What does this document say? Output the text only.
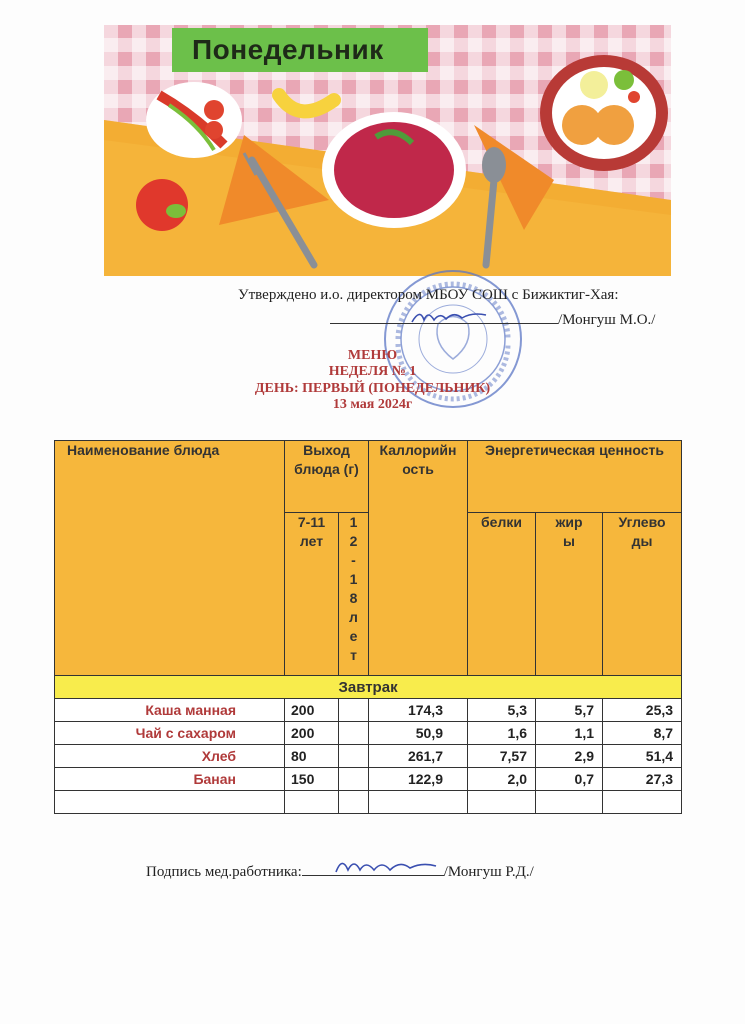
Понедельник
Утверждено и.о. директором МБОУ СОШ с Бижиктиг-Хая:
/Монгуш М.О./
МЕНЮ
НЕДЕЛЯ № 1
ДЕНЬ: ПЕРВЫЙ (ПОНЕДЕЛЬНИК)
13 мая 2024г
Наименование блюда	Выход блюда (г)		Каллорийность	Энергетическая ценность		
	7-11 лет	12-18 лет		белки	жиры	Углеводы

Завтрак						
Каша манная	200		174,3	5,3	5,7	25,3
Чай с сахаром	200		50,9	1,6	1,1	8,7
Хлеб	80		261,7	7,57	2,9	51,4
Банан	150		122,9	2,0	0,7	27,3

Подпись мед.работника:	/Монгуш Р.Д./
